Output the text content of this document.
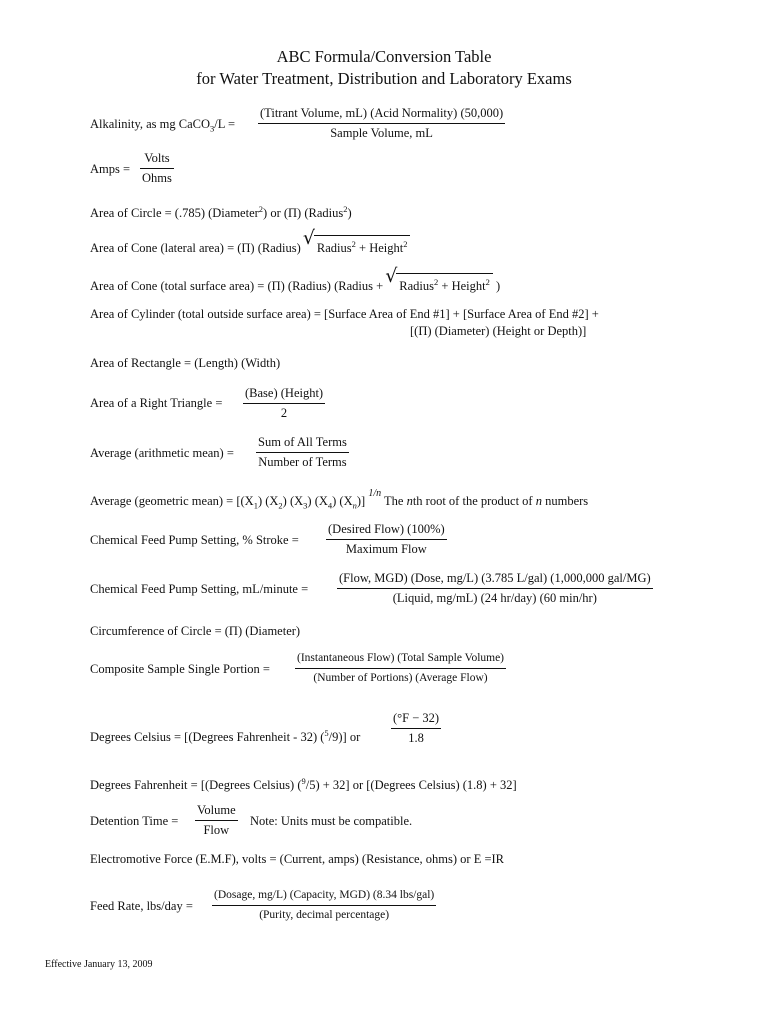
ABC Formula/Conversion Table
for Water Treatment, Distribution and Laboratory Exams
Alkalinity, as mg CaCO$_3$/L =
(Titrant Volume, mL) (Acid Normality) (50,000)
Sample Volume, mL
Amps =
Volts
Ohms
Area of Circle = (.785) (Diameter$^2$) or (Π) (Radius$^2$)
Area of Cone (lateral area) = (Π) (Radius) √ Radius$^2$ + Height$^2$
Area of Cone (total surface area) = (Π) (Radius) (Radius + √ Radius$^2$ + Height$^2$ )
Area of Cylinder (total outside surface area) = [Surface Area of End #1] + [Surface Area of End #2] +
[(Π) (Diameter) (Height or Depth)]
Area of Rectangle = (Length) (Width)
Area of a Right Triangle =
(Base) (Height)
2
Average (arithmetic mean) =
Sum of All Terms
Number of Terms
Average (geometric mean) = [$(X_1)$ $(X_2)$ $(X_3)$ $(X_4)$ $(X_n)$] $^{1/n}$ The nth root of the product of n numbers
Chemical Feed Pump Setting, % Stroke =
(Desired Flow) (100%)
Maximum Flow
Chemical Feed Pump Setting, mL/minute =
(Flow, MGD) (Dose, mg/L) (3.785 L/gal) (1,000,000 gal/MG)
(Liquid, mg/mL) (24 hr/day) (60 min/hr)
Circumference of Circle = (Π) (Diameter)
Composite Sample Single Portion =
(Instantaneous Flow) (Total Sample Volume)
(Number of Portions) (Average Flow)
Degrees Celsius = [(Degrees Fahrenheit - 32) ($^5$/9)] or $\frac{(^\circ F - 32)}{1.8}$
Degrees Fahrenheit = [(Degrees Celsius) ($^9$/5) + 32] or [(Degrees Celsius) (1.8) + 32]
Detention Time =
Volume
Flow
Note: Units must be compatible.
Electromotive Force (E.M.F), volts = (Current, amps) (Resistance, ohms) or E =IR
Feed Rate, lbs/day =
(Dosage, mg/L) (Capacity, MGD) (8.34 lbs/gal)
(Purity, decimal percentage)
Effective January 13, 2009
